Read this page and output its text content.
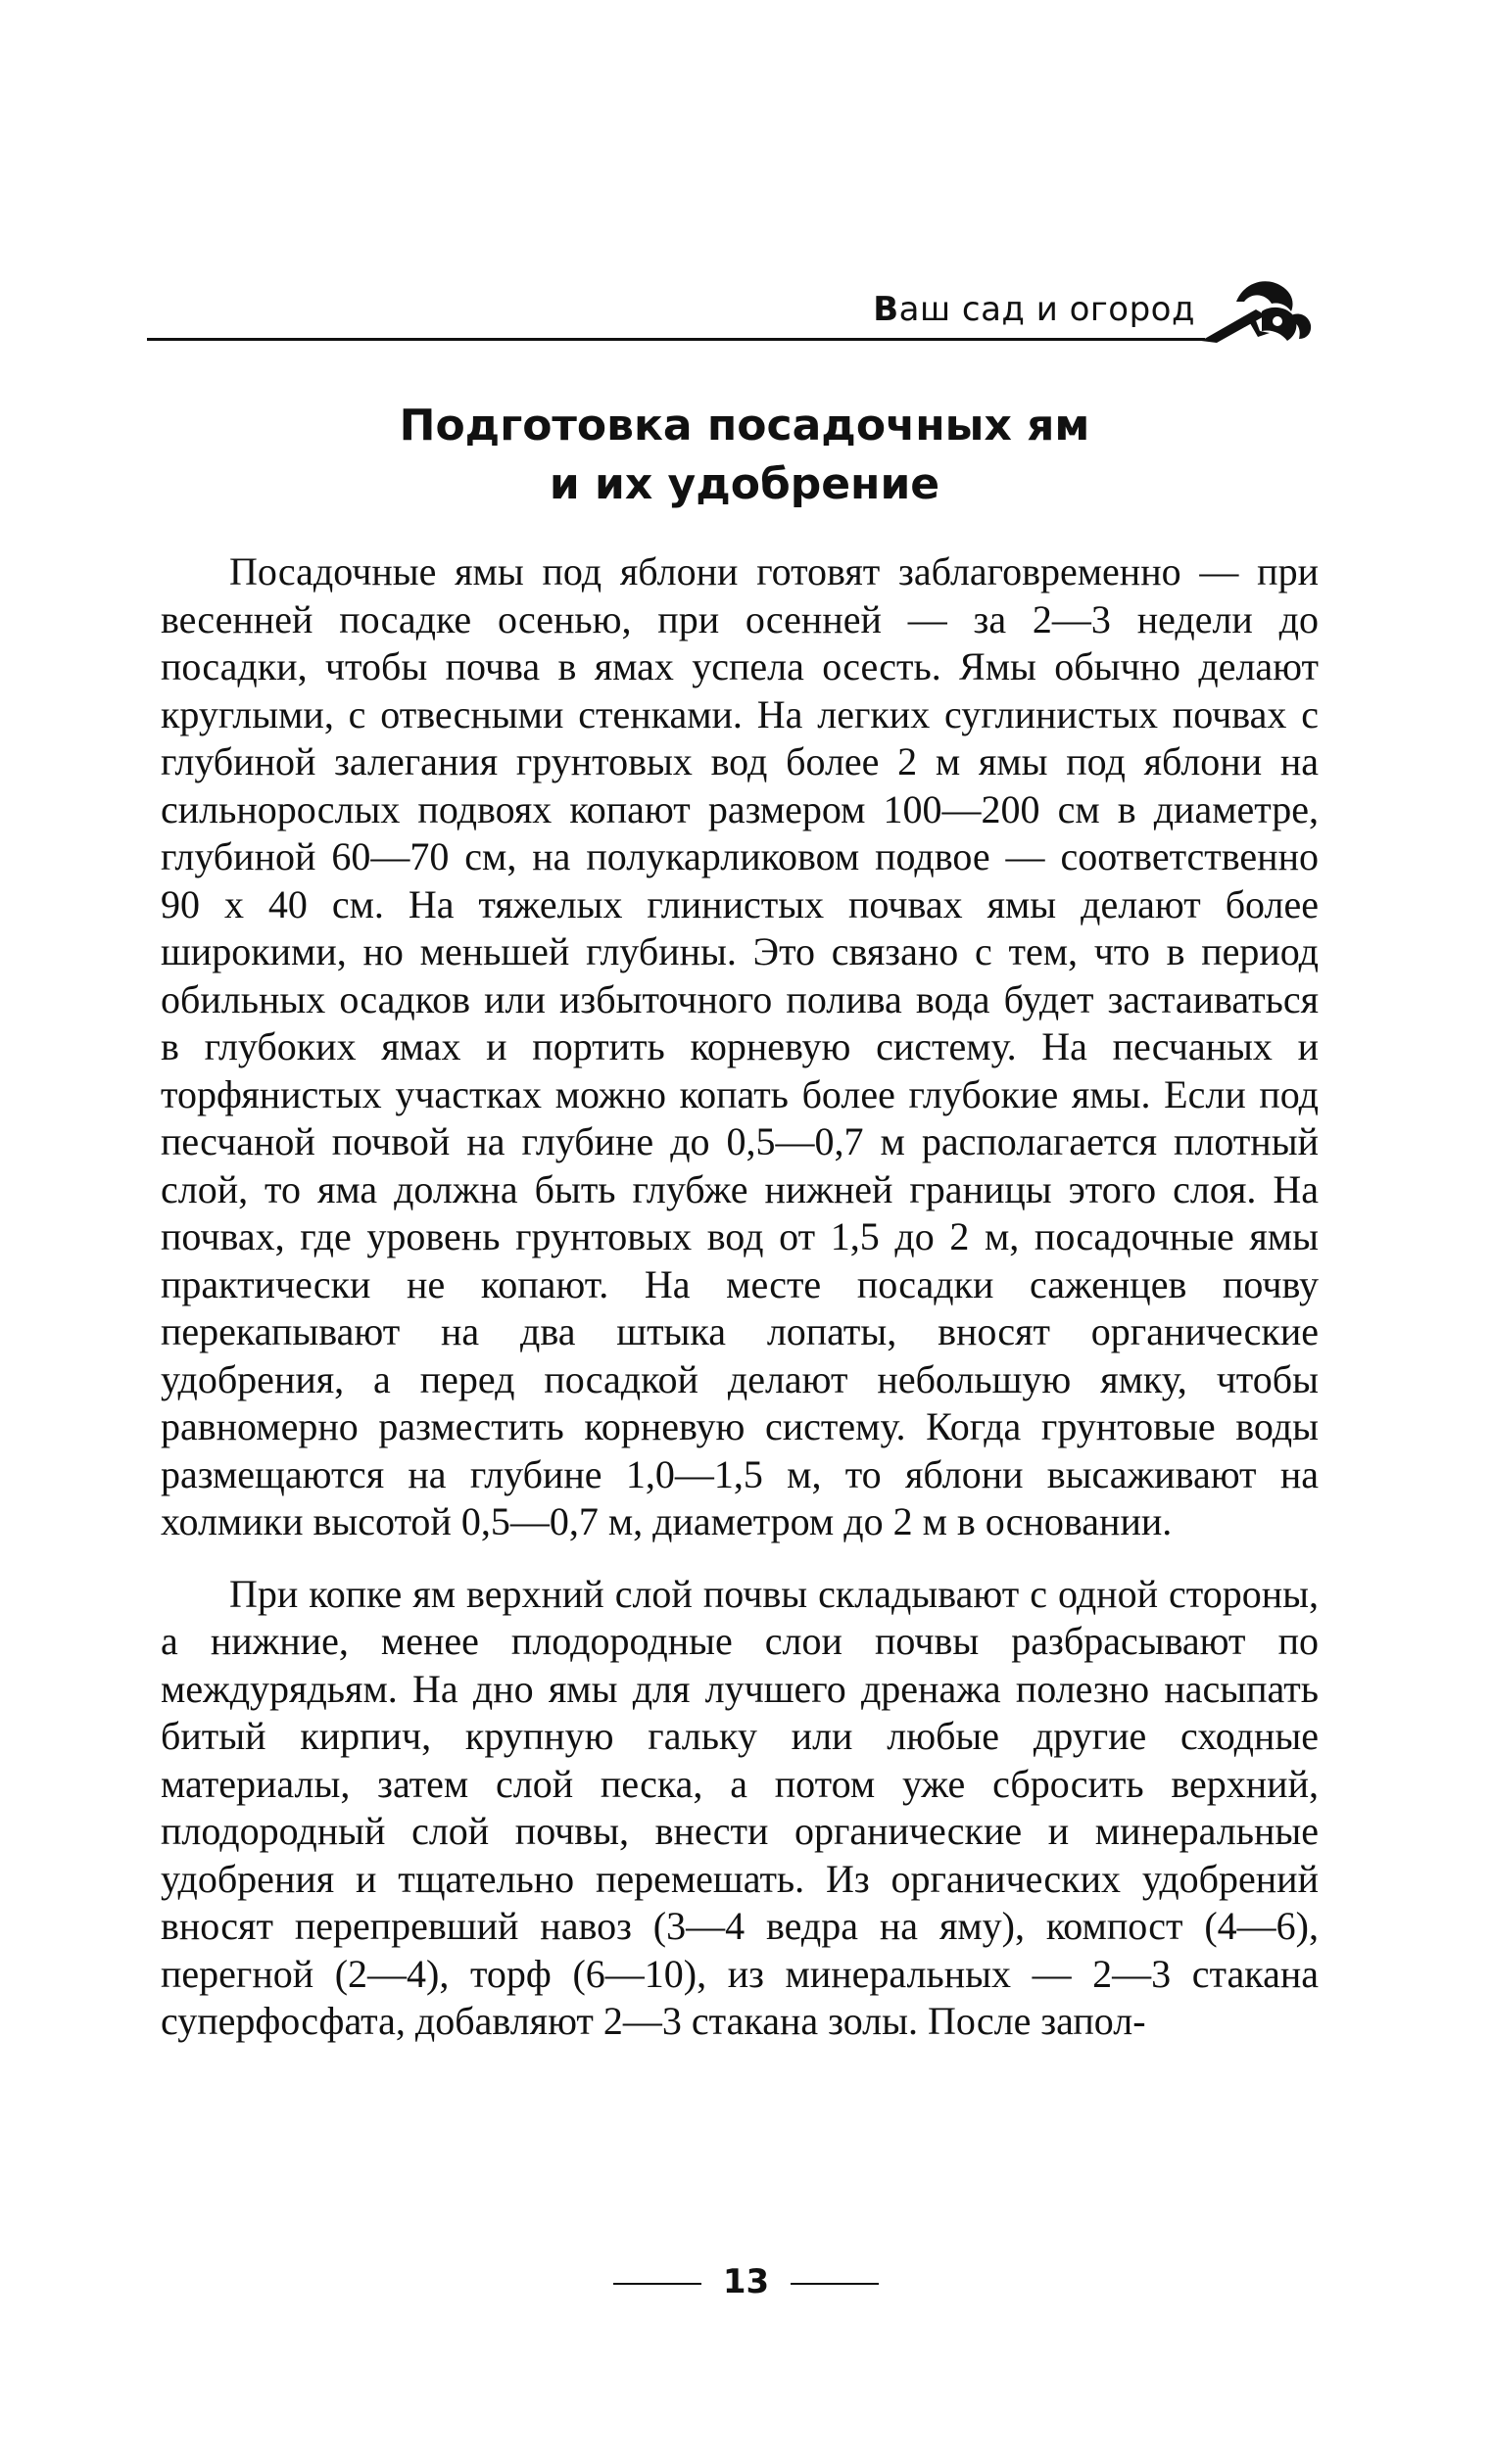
Ваш сад и огород
Подготовка посадочных ям
и их удобрение

Посадочные ямы под яблони готовят заблаговременно — при весенней посадке осенью, при осенней — за 2—3 недели до посадки, чтобы почва в ямах успела осесть. Ямы обычно делают круглыми, с отвесными стенками. На легких суглинистых почвах с глубиной залегания грунтовых вод более 2 м ямы под яблони на сильнорослых подвоях копают размером 100—200 см в диаметре, глубиной 60—70 см, на полукарликовом подвое — соответственно 90 х 40 см. На тяжелых глинистых почвах ямы делают более широкими, но меньшей глубины. Это связано с тем, что в период обильных осадков или избыточного полива вода будет застаиваться в глубоких ямах и портить корневую систему. На песчаных и торфянистых участках можно копать более глубокие ямы. Если под песчаной почвой на глубине до 0,5—0,7 м располагается плотный слой, то яма должна быть глубже нижней границы этого слоя. На почвах, где уровень грунтовых вод от 1,5 до 2 м, посадочные ямы практически не копают. На месте посадки саженцев почву перекапывают на два штыка лопаты, вносят органические удобрения, а перед посадкой делают небольшую ямку, чтобы равномерно разместить корневую систему. Когда грунтовые воды размещаются на глубине 1,0—1,5 м, то яблони высаживают на холмики высотой 0,5—0,7 м, диаметром до 2 м в основании.

При копке ям верхний слой почвы складывают с одной стороны, а нижние, менее плодородные слои почвы разбрасывают по междурядьям. На дно ямы для лучшего дренажа полезно насыпать битый кирпич, крупную гальку или любые другие сходные материалы, затем слой песка, а потом уже сбросить верхний, плодородный слой почвы, внести органические и минеральные удобрения и тщательно перемешать. Из органических удобрений вносят перепревший навоз (3—4 ведра на яму), компост (4—6), перегной (2—4), торф (6—10), из минеральных — 2—3 стакана суперфосфата, добавляют 2—3 стакана золы. После запол-

13
